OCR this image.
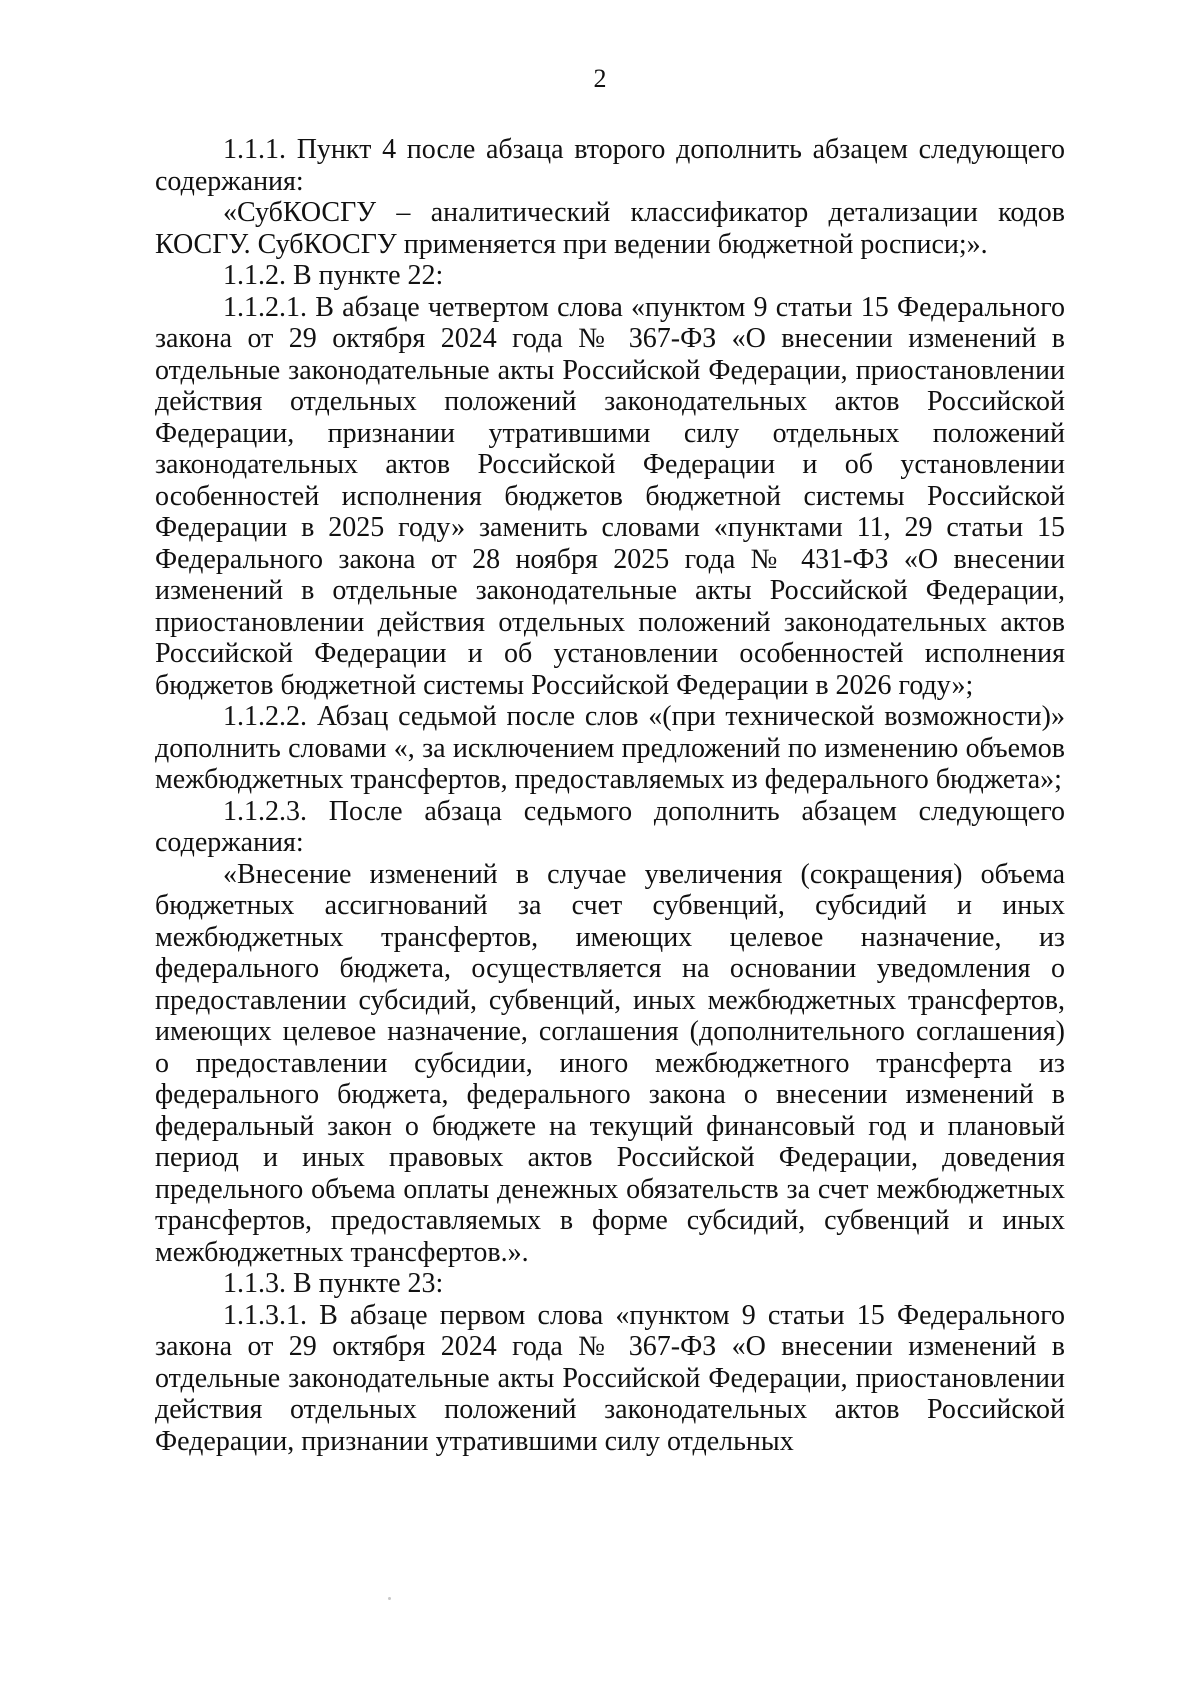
2

1.1.1. Пункт 4 после абзаца второго дополнить абзацем следующего содержания:

«СубКОСГУ – аналитический классификатор детализации кодов КОСГУ. СубКОСГУ применяется при ведении бюджетной росписи;».

1.1.2. В пункте 22:

1.1.2.1. В абзаце четвертом слова «пунктом 9 статьи 15 Федерального закона от 29 октября 2024 года № 367-ФЗ «О внесении изменений в отдельные законодательные акты Российской Федерации, приостановлении действия отдельных положений законодательных актов Российской Федерации, признании утратившими силу отдельных положений законодательных актов Российской Федерации и об установлении особенностей исполнения бюджетов бюджетной системы Российской Федерации в 2025 году» заменить словами «пунктами 11, 29 статьи 15 Федерального закона от 28 ноября 2025 года № 431-ФЗ «О внесении изменений в отдельные законодательные акты Российской Федерации, приостановлении действия отдельных положений законодательных актов Российской Федерации и об установлении особенностей исполнения бюджетов бюджетной системы Российской Федерации в 2026 году»;

1.1.2.2. Абзац седьмой после слов «(при технической возможности)» дополнить словами «, за исключением предложений по изменению объемов межбюджетных трансфертов, предоставляемых из федерального бюджета»;

1.1.2.3. После абзаца седьмого дополнить абзацем следующего содержания:

«Внесение изменений в случае увеличения (сокращения) объема бюджетных ассигнований за счет субвенций, субсидий и иных межбюджетных трансфертов, имеющих целевое назначение, из федерального бюджета, осуществляется на основании уведомления о предоставлении субсидий, субвенций, иных межбюджетных трансфертов, имеющих целевое назначение, соглашения (дополнительного соглашения) о предоставлении субсидии, иного межбюджетного трансферта из федерального бюджета, федерального закона о внесении изменений в федеральный закон о бюджете на текущий финансовый год и плановый период и иных правовых актов Российской Федерации, доведения предельного объема оплаты денежных обязательств за счет межбюджетных трансфертов, предоставляемых в форме субсидий, субвенций и иных межбюджетных трансфертов.».

1.1.3. В пункте 23:

1.1.3.1. В абзаце первом слова «пунктом 9 статьи 15 Федерального закона от 29 октября 2024 года № 367-ФЗ «О внесении изменений в отдельные законодательные акты Российской Федерации, приостановлении действия отдельных положений законодательных актов Российской Федерации, признании утратившими силу отдельных
